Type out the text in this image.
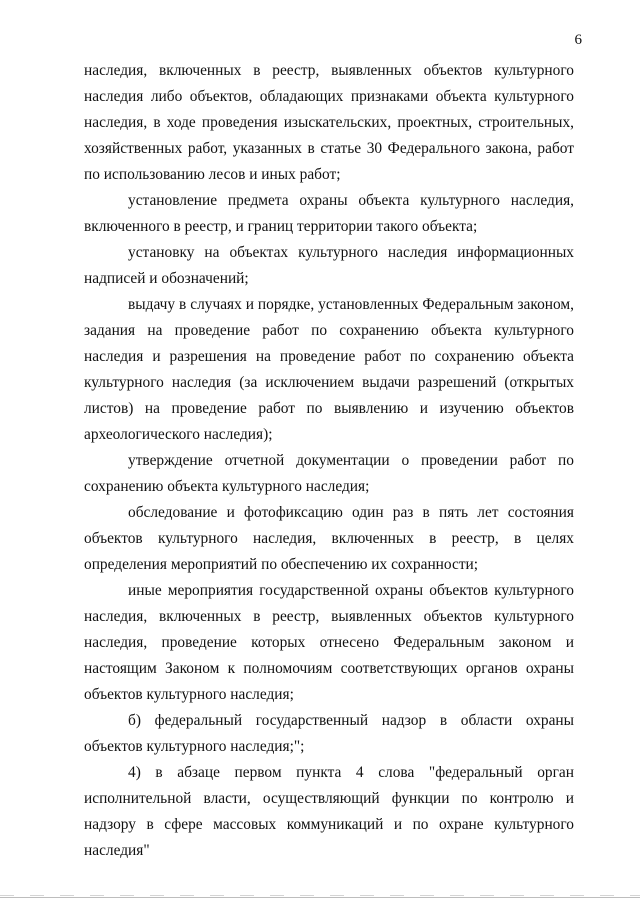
6

наследия, включенных в реестр, выявленных объектов культурного наследия либо объектов, обладающих признаками объекта культурного наследия, в ходе проведения изыскательских, проектных, строительных, хозяйственных работ, указанных в статье 30 Федерального закона, работ по использованию лесов и иных работ;

установление предмета охраны объекта культурного наследия, включенного в реестр, и границ территории такого объекта;

установку на объектах культурного наследия информационных надписей и обозначений;

выдачу в случаях и порядке, установленных Федеральным законом, задания на проведение работ по сохранению объекта культурного наследия и разрешения на проведение работ по сохранению объекта культурного наследия (за исключением выдачи разрешений (открытых листов) на проведение работ по выявлению и изучению объектов археологического наследия);

утверждение отчетной документации о проведении работ по сохранению объекта культурного наследия;

обследование и фотофиксацию один раз в пять лет состояния объектов культурного наследия, включенных в реестр, в целях определения мероприятий по обеспечению их сохранности;

иные мероприятия государственной охраны объектов культурного наследия, включенных в реестр, выявленных объектов культурного наследия, проведение которых отнесено Федеральным законом и настоящим Законом к полномочиям соответствующих органов охраны объектов культурного наследия;

б) федеральный государственный надзор в области охраны объектов культурного наследия;";

4) в абзаце первом пункта 4 слова "федеральный орган исполнительной власти, осуществляющий функции по контролю и надзору в сфере массовых коммуникаций и по охране культурного наследия"
